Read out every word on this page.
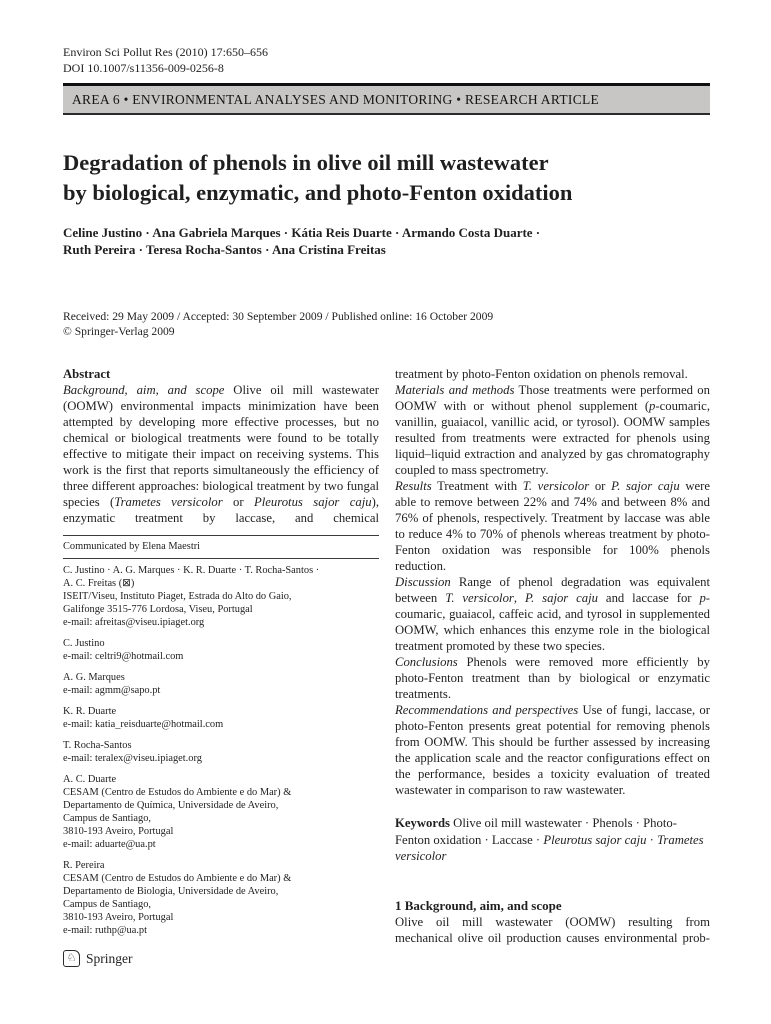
Environ Sci Pollut Res (2010) 17:650–656
DOI 10.1007/s11356-009-0256-8
AREA 6 • ENVIRONMENTAL ANALYSES AND MONITORING • RESEARCH ARTICLE
Degradation of phenols in olive oil mill wastewater
by biological, enzymatic, and photo-Fenton oxidation
Celine Justino · Ana Gabriela Marques · Kátia Reis Duarte · Armando Costa Duarte ·
Ruth Pereira · Teresa Rocha-Santos · Ana Cristina Freitas
Received: 29 May 2009 / Accepted: 30 September 2009 / Published online: 16 October 2009
© Springer-Verlag 2009
Abstract

Background, aim, and scope Olive oil mill wastewater (OOMW) environmental impacts minimization have been attempted by developing more effective processes, but no chemical or biological treatments were found to be totally effective to mitigate their impact on receiving systems. This work is the first that reports simultaneously the efficiency of three different approaches: biological treatment by two fungal species (Trametes versicolor or Pleurotus sajor caju), enzymatic treatment by laccase, and chemical

Communicated by Elena Maestri
C. Justino · A. G. Marques · K. R. Duarte · T. Rocha-Santos ·
A. C. Freitas (⊠)
ISEIT/Viseu, Instituto Piaget, Estrada do Alto do Gaio,
Galifonge 3515-776 Lordosa, Viseu, Portugal
e-mail: afreitas@viseu.ipiaget.org
C. Justino
e-mail: celtri9@hotmail.com
A. G. Marques
e-mail: agmm@sapo.pt
K. R. Duarte
e-mail: katia_reisduarte@hotmail.com
T. Rocha-Santos
e-mail: teralex@viseu.ipiaget.org
A. C. Duarte
CESAM (Centro de Estudos do Ambiente e do Mar) &
Departamento de Química, Universidade de Aveiro,
Campus de Santiago,
3810-193 Aveiro, Portugal
e-mail: aduarte@ua.pt
R. Pereira
CESAM (Centro de Estudos do Ambiente e do Mar) &
Departamento de Biologia, Universidade de Aveiro,
Campus de Santiago,
3810-193 Aveiro, Portugal
e-mail: ruthp@ua.pt
♘ Springer

treatment by photo-Fenton oxidation on phenols removal.

Materials and methods Those treatments were performed on OOMW with or without phenol supplement (p-coumaric, vanillin, guaiacol, vanillic acid, or tyrosol). OOMW samples resulted from treatments were extracted for phenols using liquid–liquid extraction and analyzed by gas chromatography coupled to mass spectrometry.

Results Treatment with T. versicolor or P. sajor caju were able to remove between 22% and 74% and between 8% and 76% of phenols, respectively. Treatment by laccase was able to reduce 4% to 70% of phenols whereas treatment by photo-Fenton oxidation was responsible for 100% phenols reduction.

Discussion Range of phenol degradation was equivalent between T. versicolor, P. sajor caju and laccase for p-coumaric, guaiacol, caffeic acid, and tyrosol in supplemented OOMW, which enhances this enzyme role in the biological treatment promoted by these two species.

Conclusions Phenols were removed more efficiently by photo-Fenton treatment than by biological or enzymatic treatments.

Recommendations and perspectives Use of fungi, laccase, or photo-Fenton presents great potential for removing phenols from OOMW. This should be further assessed by increasing the application scale and the reactor configurations effect on the performance, besides a toxicity evaluation of treated wastewater in comparison to raw wastewater.

Keywords Olive oil mill wastewater · Phenols · Photo-Fenton oxidation · Laccase · Pleurotus sajor caju · Trametes versicolor
1 Background, aim, and scope

Olive oil mill wastewater (OOMW) resulting from mechanical olive oil production causes environmental prob-
